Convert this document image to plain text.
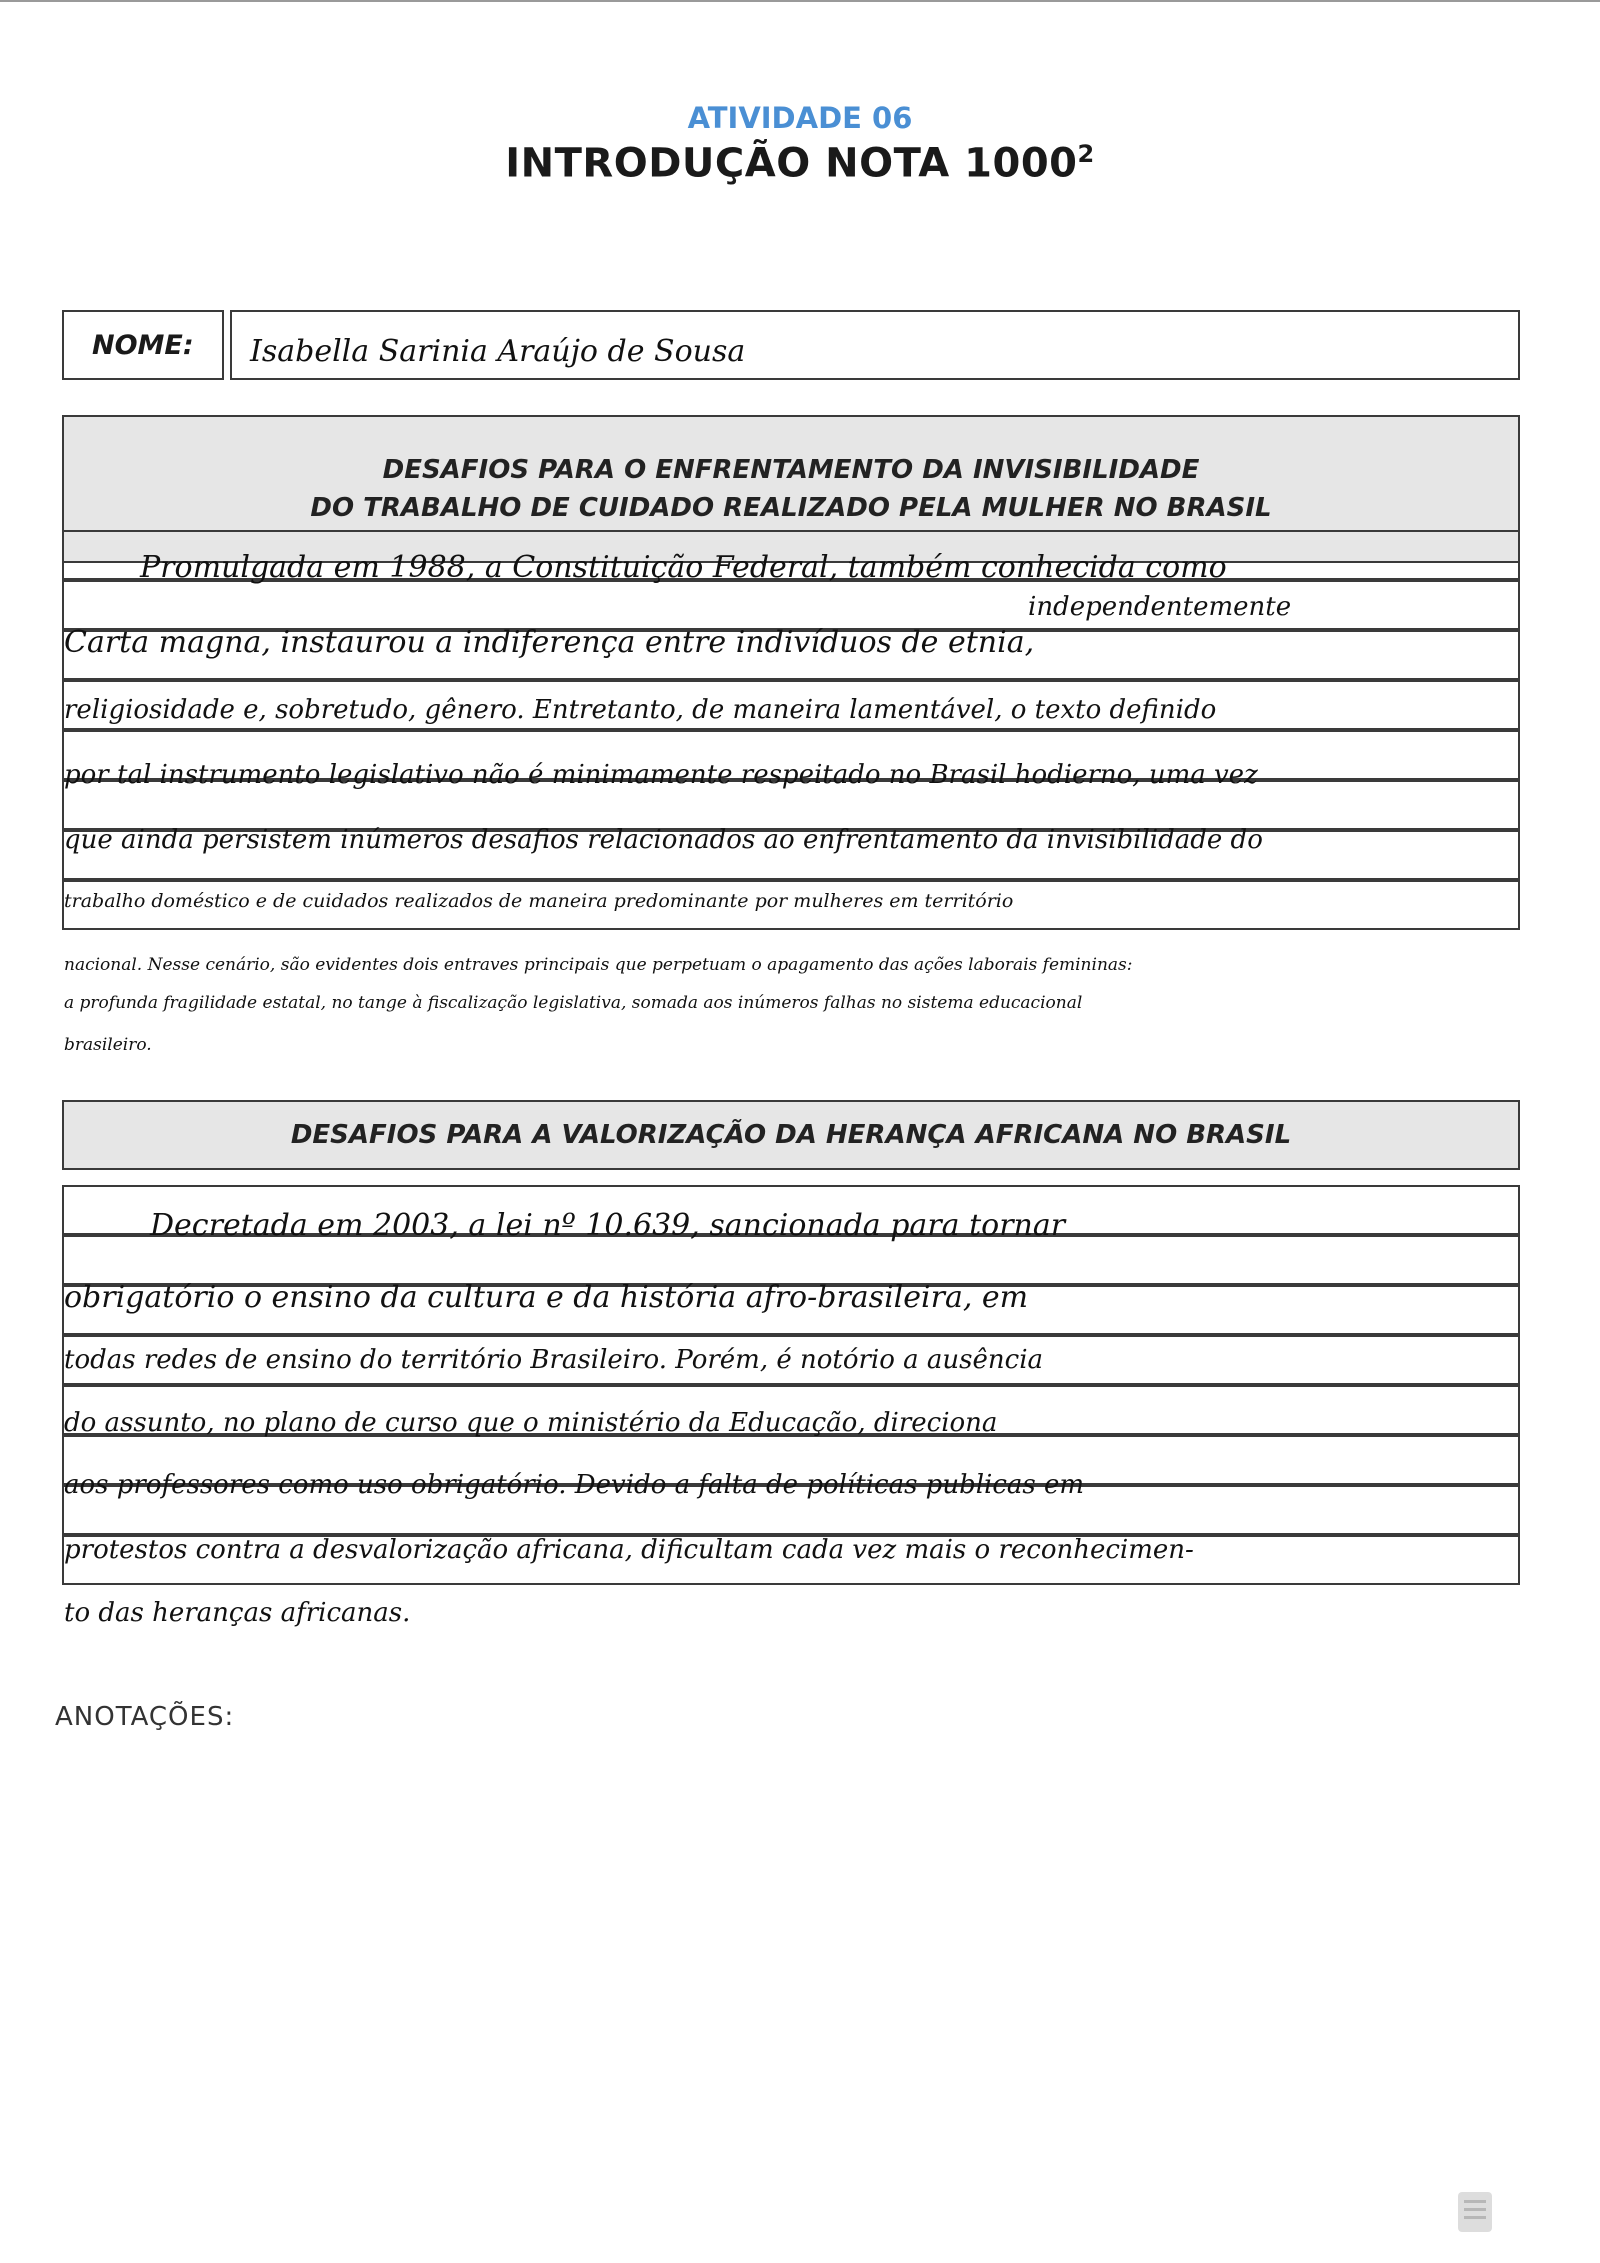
ATIVIDADE 06
INTRODUÇÃO NOTA 1000$^2$
NOME: Isabella Sarinia Araújo de Sousa
DESAFIOS PARA O ENFRENTAMENTO DA INVISIBILIDADE
DO TRABALHO DE CUIDADO REALIZADO PELA MULHER NO BRASIL
independentemente
Promulgada em 1988, a Constituição Federal, também conhecida como
Carta magna, instaurou a indiferença entre indivíduos de etnia,
religiosidade e, sobretudo, gênero. Entretanto, de maneira lamentável, o texto definido
por tal instrumento legislativo não é minimamente respeitado no Brasil hodierno, uma vez
que ainda persistem inúmeros desafios relacionados ao enfrentamento da invisibilidade do
trabalho doméstico e de cuidados realizados de maneira predominante por mulheres em território
nacional. Nesse cenário, são evidentes dois entraves principais que perpetuam o apagamento das ações laborais femininas:
a profunda fragilidade estatal, no tange à fiscalização legislativa, somada aos inúmeros falhas no sistema educacional
brasileiro.
DESAFIOS PARA A VALORIZAÇÃO DA HERANÇA AFRICANA NO BRASIL
Decretada em 2003, a lei nº 10.639, sancionada para tornar
obrigatório o ensino da cultura e da história afro-brasileira, em
todas redes de ensino do território Brasileiro. Porém, é notório a ausência
do assunto, no plano de curso que o ministério da Educação, direciona
aos professores como uso obrigatório. Devido a falta de políticas publicas em
protestos contra a desvalorização africana, dificultam cada vez mais o reconhecimen-
to das heranças africanas.
ANOTAÇÕES:
